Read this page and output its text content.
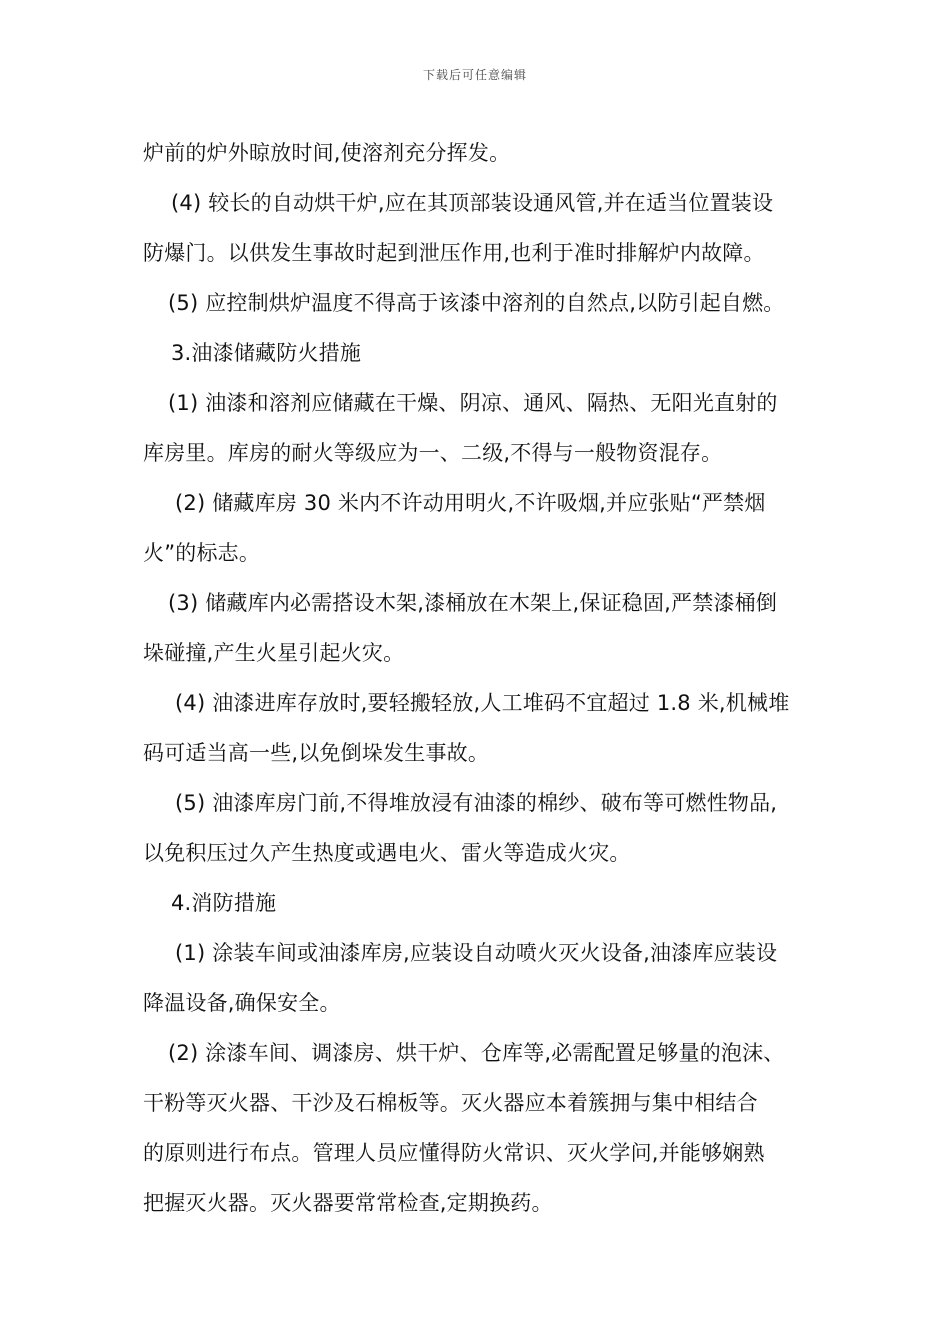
下载后可任意编辑
炉前的炉外晾放时间,使溶剂充分挥发。
(4) 较长的自动烘干炉,应在其顶部装设通风管,并在适当位置装设
防爆门。以供发生事故时起到泄压作用,也利于准时排解炉内故障。
(5) 应控制烘炉温度不得高于该漆中溶剂的自然点,以防引起自燃。
3.油漆储藏防火措施
(1) 油漆和溶剂应储藏在干燥、阴凉、通风、隔热、无阳光直射的
库房里。库房的耐火等级应为一、二级,不得与一般物资混存。
(2) 储藏库房 30 米内不许动用明火,不许吸烟,并应张贴“严禁烟
火”的标志。
(3) 储藏库内必需搭设木架,漆桶放在木架上,保证稳固,严禁漆桶倒
垛碰撞,产生火星引起火灾。
(4) 油漆进库存放时,要轻搬轻放,人工堆码不宜超过 1.8 米,机械堆
码可适当高一些,以免倒垛发生事故。
(5) 油漆库房门前,不得堆放浸有油漆的棉纱、破布等可燃性物品,
以免积压过久产生热度或遇电火、雷火等造成火灾。
4.消防措施
(1) 涂装车间或油漆库房,应装设自动喷火灭火设备,油漆库应装设
降温设备,确保安全。
(2) 涂漆车间、调漆房、烘干炉、仓库等,必需配置足够量的泡沫、
干粉等灭火器、干沙及石棉板等。灭火器应本着簇拥与集中相结合
的原则进行布点。管理人员应懂得防火常识、灭火学问,并能够娴熟
把握灭火器。灭火器要常常检查,定期换药。
